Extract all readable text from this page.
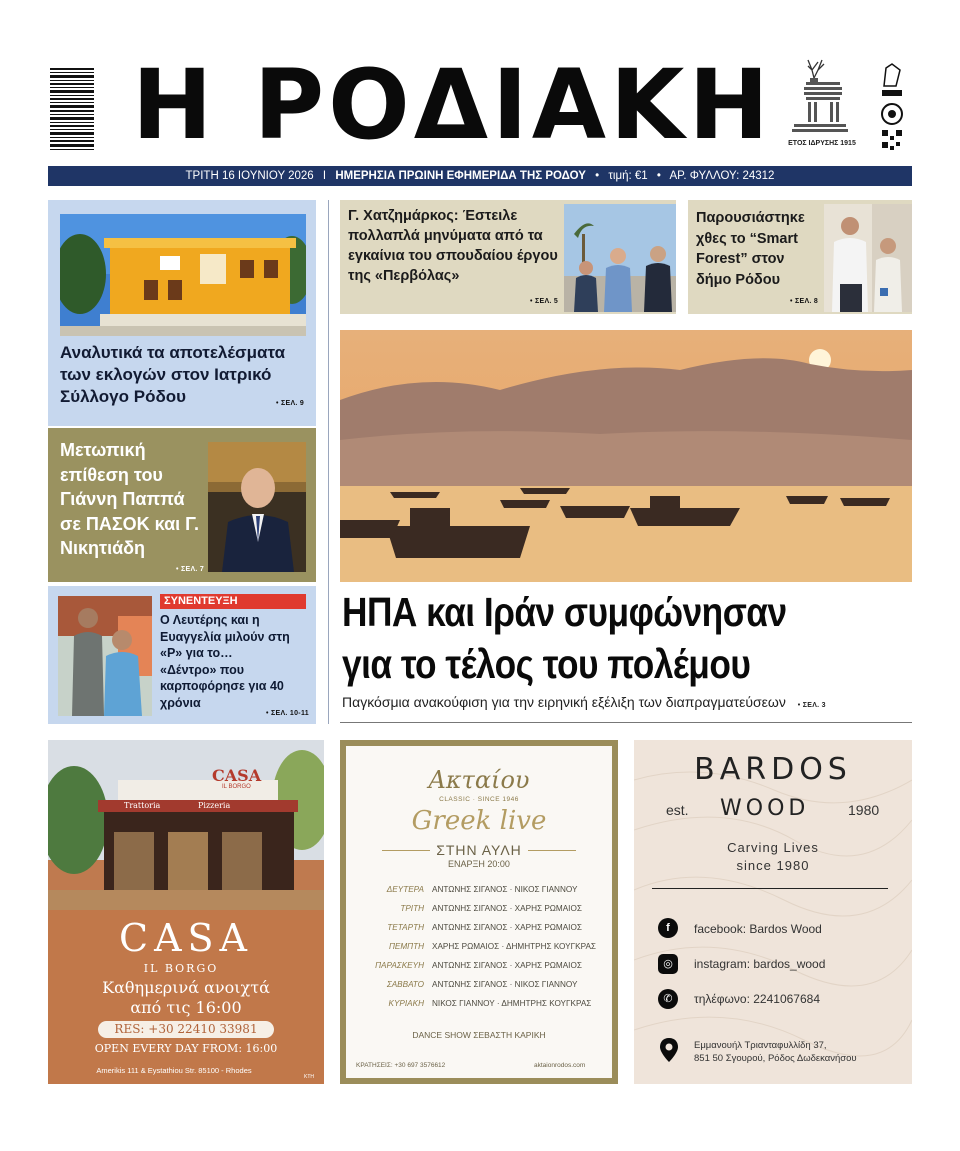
Η ΡΟΔΙΑΚΗ	ΕΤΟΣ ΙΔΡΥΣΗΣ 1915
ΤΡΙΤΗ 16 ΙΟΥΝΙΟΥ 2026 I ΗΜΕΡΗΣΙΑ ΠΡΩΙΝΗ ΕΦΗΜΕΡΙΔΑ ΤΗΣ ΡΟΔΟΥ • τιμή: €1 • ΑΡ. ΦΥΛΛΟΥ: 24312
Αναλυτικά τα αποτελέσματα των εκλογών στον Ιατρικό Σύλλογο Ρόδου	• ΣΕΛ. 9
Μετωπική επίθεση του Γιάννη Παππά σε ΠΑΣΟΚ και Γ. Νικητιάδη
• ΣΕΛ. 7
ΣΥΝΕΝΤΕΥΞΗ
Ο Λευτέρης και η Ευαγγελία μιλούν στη «Ρ» για το… «Δέντρο» που καρποφόρησε για 40 χρόνια
• ΣΕΛ. 10-11
Γ. Χατζημάρκος: Έστειλε πολλαπλά μηνύματα από τα εγκαίνια του σπουδαίου έργου της «Περβόλας»
• ΣΕΛ. 5
Παρουσιάστηκε χθες το “Smart Forest” στον δήμο Ρόδου
• ΣΕΛ. 8
ΗΠΑ και Ιράν συμφώνησαν
για το τέλος του πολέμου
Παγκόσμια ανακούφιση για την ειρηνική εξέλιξη των διαπραγματεύσεων • ΣΕΛ. 3
CASA
IL BORGO
Trattoria	Pizzeria
CASA
IL BORGO
Καθημερινά ανοιχτά
από τις 16:00
RES: +30 22410 33981
OPEN EVERY DAY FROM: 16:00
Amerikis 111 & Eystathiou Str. 85100 - Rhodes
ΚΤΗ
Ακταίου
CLASSIC · SINCE 1946
Greek live
ΣΤΗΝ ΑΥΛΗ
ΕΝΑΡΞΗ 20:00
ΔΕΥΤΕΡΑ ΑΝΤΩΝΗΣ ΣΙΓΑΝΟΣ · ΝΙΚΟΣ ΓΙΑΝΝΟΥ
ΤΡΙΤΗ ΑΝΤΩΝΗΣ ΣΙΓΑΝΟΣ · ΧΑΡΗΣ ΡΩΜΑΙΟΣ
ΤΕΤΑΡΤΗ ΑΝΤΩΝΗΣ ΣΙΓΑΝΟΣ · ΧΑΡΗΣ ΡΩΜΑΙΟΣ
ΠΕΜΠΤΗ ΧΑΡΗΣ ΡΩΜΑΙΟΣ · ΔΗΜΗΤΡΗΣ ΚΟΥΓΚΡΑΣ
ΠΑΡΑΣΚΕΥΗ ΑΝΤΩΝΗΣ ΣΙΓΑΝΟΣ · ΧΑΡΗΣ ΡΩΜΑΙΟΣ
ΣΑΒΒΑΤΟ ΑΝΤΩΝΗΣ ΣΙΓΑΝΟΣ · ΝΙΚΟΣ ΓΙΑΝΝΟΥ
ΚΥΡΙΑΚΗ ΝΙΚΟΣ ΓΙΑΝΝΟΥ · ΔΗΜΗΤΡΗΣ ΚΟΥΓΚΡΑΣ
DANCE SHOW ΣΕΒΑΣΤΗ ΚΑΡΙΚΗ
ΚΡΑΤΗΣΕΙΣ: +30 697 3576612	aktaionrodos.com
BARDOS
est. WOOD	1980
Carving Lives
since 1980
f	facebook: Bardos Wood
◎	instagram: bardos_wood
✆	τηλέφωνο: 2241067684
Εμμανουήλ Τριανταφυλλίδη 37,
851 50 Σγουρού, Ρόδος Δωδεκανήσου
